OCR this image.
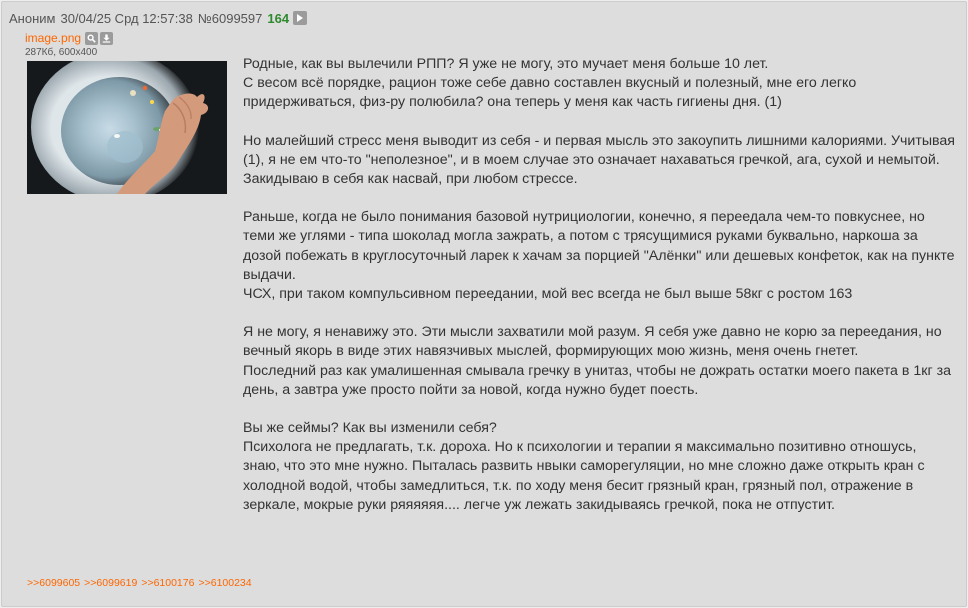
Аноним 30/04/25 Срд 12:57:38 №6099597 164
image.png
287Кб, 600x400

Родные, как вы вылечили РПП? Я уже не могу, это мучает меня больше 10 лет.

С весом всё порядке, рацион тоже себе давно составлен вкусный и полезный, мне его легко придерживаться, физ-ру полюбила? она теперь у меня как часть гигиены дня. (1)

Но малейший стресс меня выводит из себя - и первая мысль это закоупить лишними калориями. Учитывая (1), я не ем что-то "неполезное", и в моем случае это означает нахаваться гречкой, ага, сухой и немытой. Закидываю в себя как насвай, при любом стрессе.

Раньше, когда не было понимания базовой нутрициологии, конечно, я переедала чем-то повкуснее, но теми же углями - типа шоколад могла зажрать, а потом с трясущимися руками буквально, наркоша за дозой побежать в круглосуточный ларек к хачам за порцией "Алёнки" или дешевых конфеток, как на пункте выдачи.

ЧСХ, при таком компульсивном переедании, мой вес всегда не был выше 58кг с ростом 163

Я не могу, я ненавижу это. Эти мысли захватили мой разум. Я себя уже давно не корю за переедания, но вечный якорь в виде этих навязчивых мыслей, формирующих мою жизнь, меня очень гнетет.

Последний раз как умалишенная смывала гречку в унитаз, чтобы не дожрать остатки моего пакета в 1кг за день, а завтра уже просто пойти за новой, когда нужно будет поесть.

Вы же сеймы? Как вы изменили себя?

Психолога не предлагать, т.к. дороха. Но к психологии и терапии я максимально позитивно отношусь, знаю, что это мне нужно. Пыталась развить нвыки саморегуляции, но мне сложно даже открыть кран с холодной водой, чтобы замедлиться, т.к. по ходу меня бесит грязный кран, грязный пол, отражение в зеркале, мокрые руки ряяяяяя.... легче уж лежать закидываясь гречкой, пока не отпустит.

>>6099605 >>6099619 >>6100176 >>6100234
